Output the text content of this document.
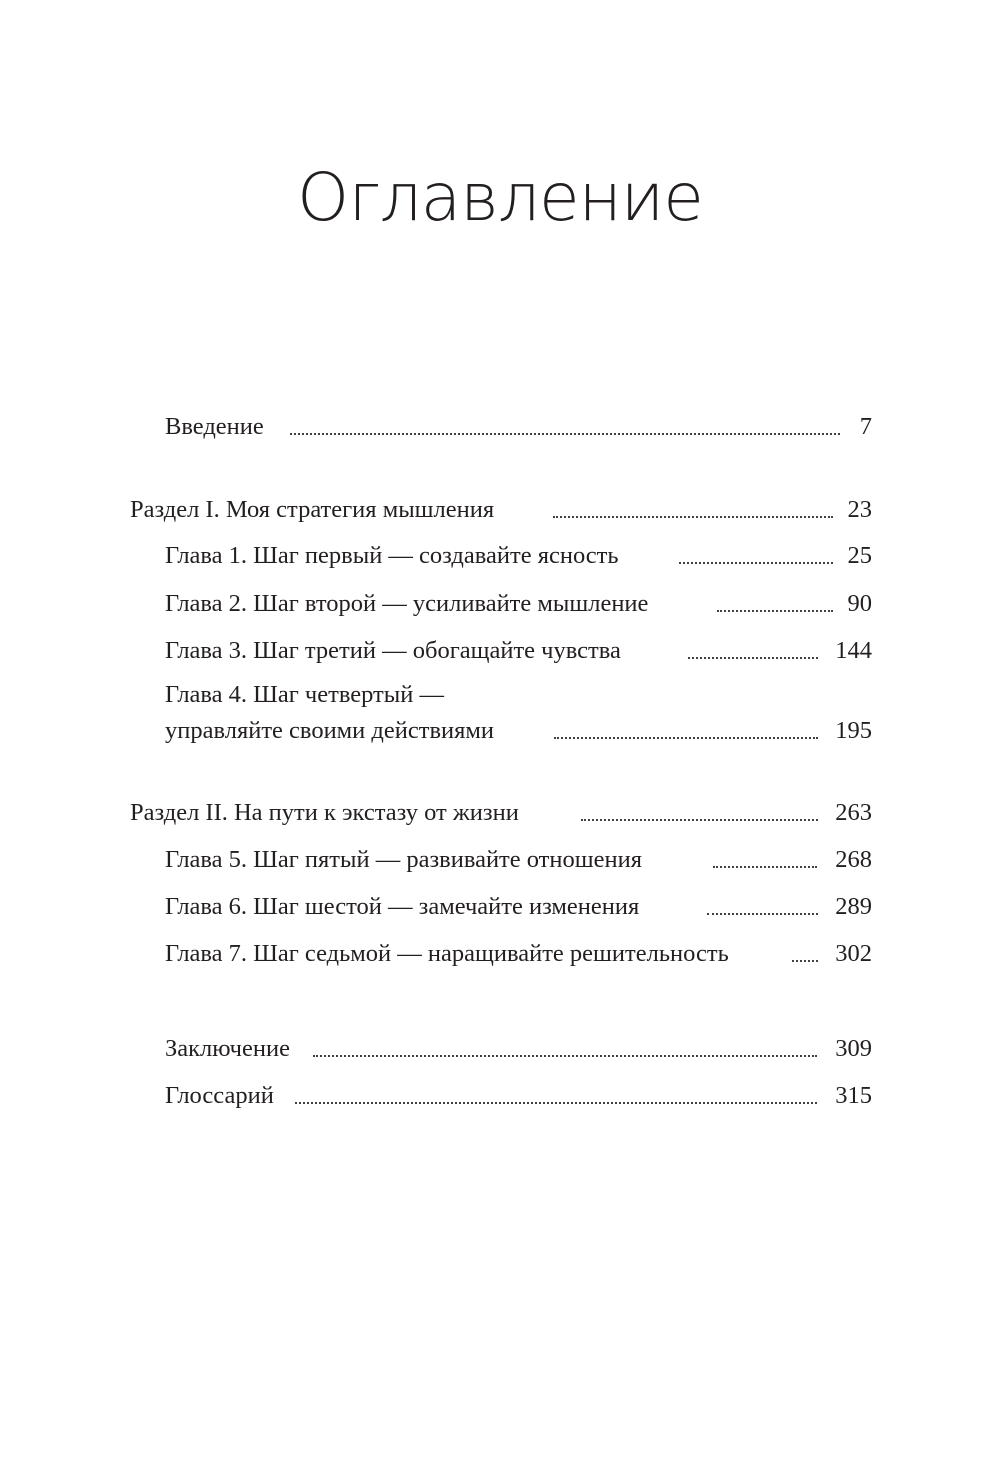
Оглавление
Введение	7
Раздел I. Моя стратегия мышления	23
Глава 1. Шаг первый — создавайте ясность	25
Глава 2. Шаг второй — усиливайте мышление	90
Глава 3. Шаг третий — обогащайте чувства	144
Глава 4. Шаг четвертый —
управляйте своими действиями	195
Раздел II. На пути к экстазу от жизни	263
Глава 5. Шаг пятый — развивайте отношения	268
Глава 6. Шаг шестой — замечайте изменения	289
Глава 7. Шаг седьмой — наращивайте решительность	302
Заключение	309
Глоссарий	315
